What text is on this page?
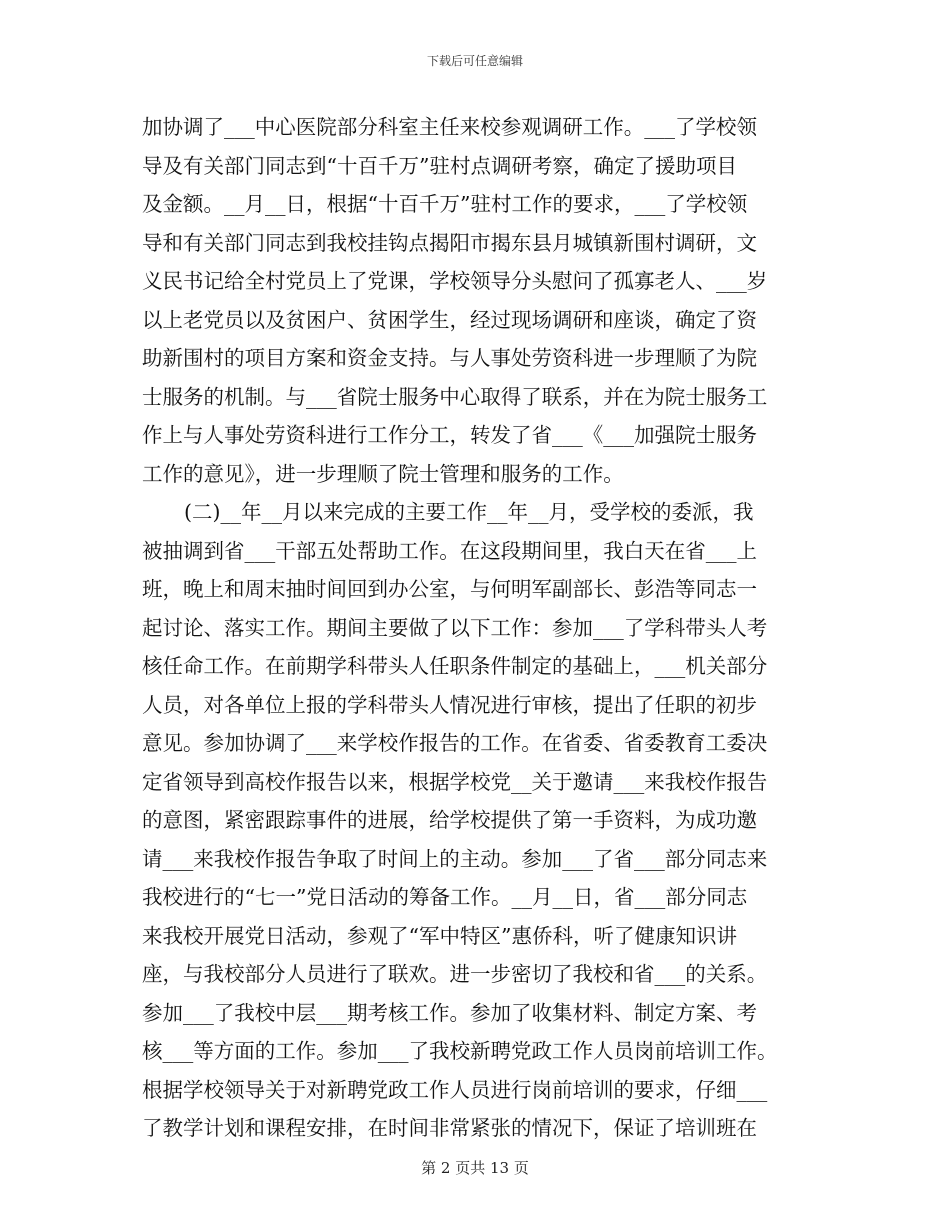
下载后可任意编辑
加协调了___中心医院部分科室主任来校参观调研工作。___了学校领
导及有关部门同志到“十百千万”驻村点调研考察，确定了援助项目
及金额。__月__日，根据“十百千万”驻村工作的要求，___了学校领
导和有关部门同志到我校挂钩点揭阳市揭东县月城镇新围村调研，文
义民书记给全村党员上了党课，学校领导分头慰问了孤寡老人、___岁
以上老党员以及贫困户、贫困学生，经过现场调研和座谈，确定了资
助新围村的项目方案和资金支持。与人事处劳资科进一步理顺了为院
士服务的机制。与___省院士服务中心取得了联系，并在为院士服务工
作上与人事处劳资科进行工作分工，转发了省___《___加强院士服务
工作的意见》，进一步理顺了院士管理和服务的工作。
(二)__年__月以来完成的主要工作__年__月，受学校的委派，我
被抽调到省___干部五处帮助工作。在这段期间里，我白天在省___上
班，晚上和周末抽时间回到办公室，与何明军副部长、彭浩等同志一
起讨论、落实工作。期间主要做了以下工作：参加___了学科带头人考
核任命工作。在前期学科带头人任职条件制定的基础上，___机关部分
人员，对各单位上报的学科带头人情况进行审核，提出了任职的初步
意见。参加协调了___来学校作报告的工作。在省委、省委教育工委决
定省领导到高校作报告以来，根据学校党__关于邀请___来我校作报告
的意图，紧密跟踪事件的进展，给学校提供了第一手资料，为成功邀
请___来我校作报告争取了时间上的主动。参加___了省___部分同志来
我校进行的“七一”党日活动的筹备工作。__月__日，省___部分同志
来我校开展党日活动，参观了“军中特区”惠侨科，听了健康知识讲
座，与我校部分人员进行了联欢。进一步密切了我校和省___的关系。
参加___了我校中层___期考核工作。参加了收集材料、制定方案、考
核___等方面的工作。参加___了我校新聘党政工作人员岗前培训工作。
根据学校领导关于对新聘党政工作人员进行岗前培训的要求，仔细___
了教学计划和课程安排，在时间非常紧张的情况下，保证了培训班在
第 2 页共 13 页
